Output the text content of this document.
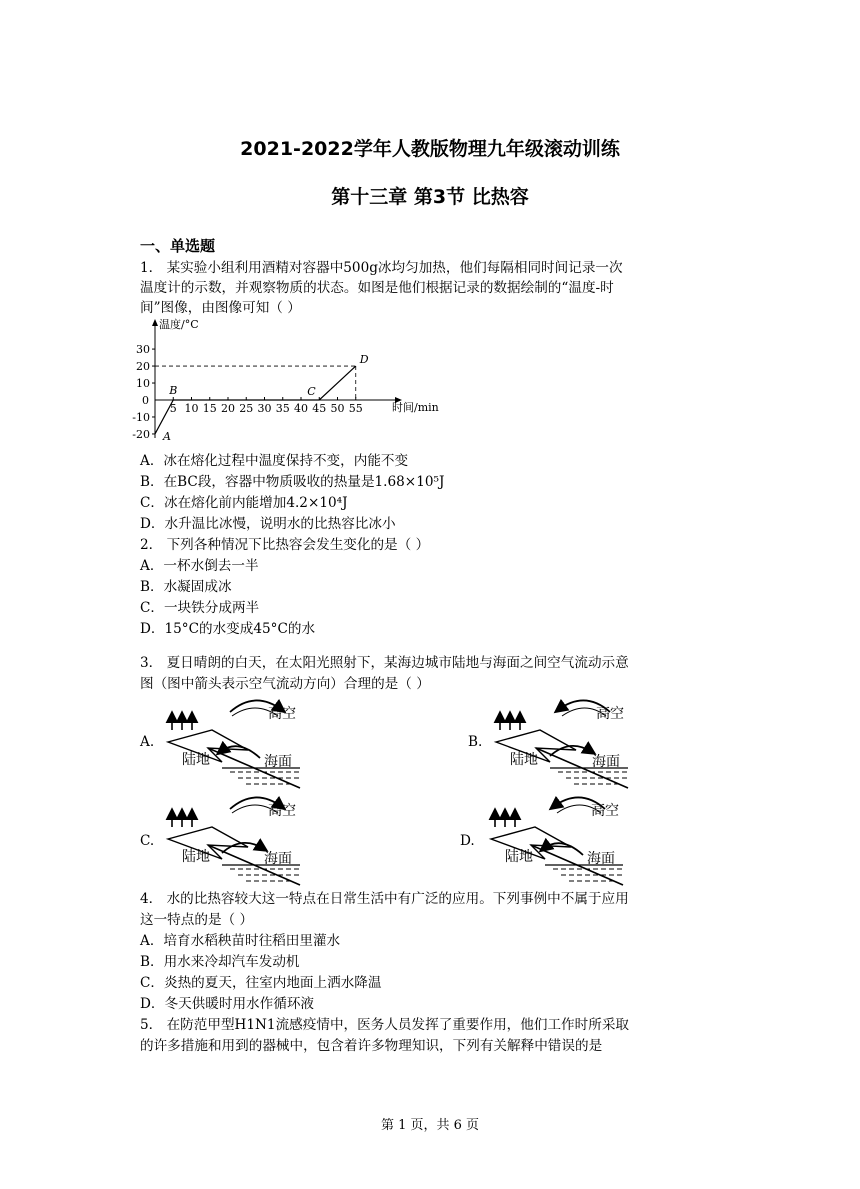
2021-2022学年人教版物理九年级滚动训练
第十三章 第3节 比热容
一、单选题
1． 某实验小组利用酒精对容器中500g冰均匀加热，他们每隔相同时间记录一次
温度计的示数，并观察物质的状态。如图是他们根据记录的数据绘制的“温度-时
间”图像，由图像可知（ ）
温度/°C
时间/min
0
30
20
10
-10
-20
5 10 15 20 25 30 35 40 45 50 55
A
B	C
D
A．冰在熔化过程中温度保持不变，内能不变
B．在BC段，容器中物质吸收的热量是1.68×10⁵J
C．冰在熔化前内能增加4.2×10⁴J
D．水升温比冰慢，说明水的比热容比冰小
2． 下列各种情况下比热容会发生变化的是（ ）
A．一杯水倒去一半
B．水凝固成冰
C．一块铁分成两半
D．15°C的水变成45°C的水
3． 夏日晴朗的白天，在太阳光照射下，某海边城市陆地与海面之间空气流动示意
图（图中箭头表示空气流动方向）合理的是（ ）
A.	B.
C.	D.
高空
陆地	海面
高空
陆地	海面
高空
陆地	海面
高空
陆地	海面
4． 水的比热容较大这一特点在日常生活中有广泛的应用。下列事例中不属于应用
这一特点的是（ ）
A．培育水稻秧苗时往稻田里灌水
B．用水来冷却汽车发动机
C．炎热的夏天，往室内地面上洒水降温
D．冬天供暖时用水作循环液
5． 在防范甲型H1N1流感疫情中，医务人员发挥了重要作用，他们工作时所采取
的许多措施和用到的器械中，包含着许多物理知识，下列有关解释中错误的是
第 1 页，共 6 页
